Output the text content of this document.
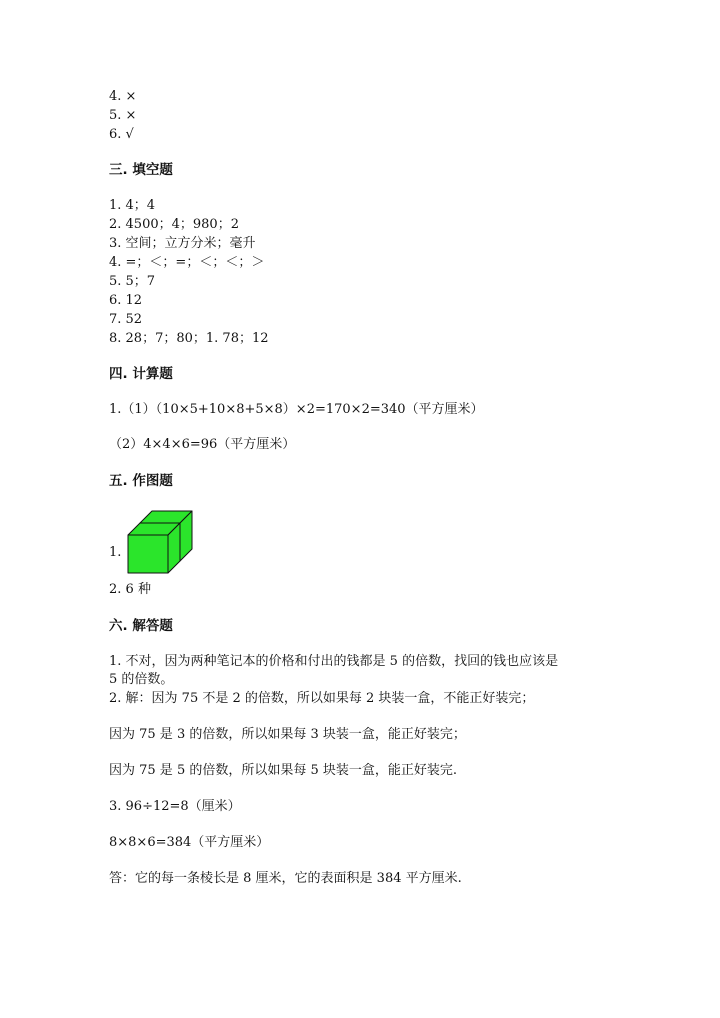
4. ×
5. ×
6. √
三. 填空题
1. 4；4
2. 4500；4；980；2
3. 空间；立方分米；毫升
4. =；＜；=；＜；＜；＞
5. 5；7
6. 12
7. 52
8. 28；7；80；1. 78；12
四. 计算题
1.（1）（10×5+10×8+5×8）×2=170×2=340（平方厘米）
（2）4×4×6=96（平方厘米）
五. 作图题
1.
2. 6 种
六. 解答题
1. 不对，因为两种笔记本的价格和付出的钱都是 5 的倍数，找回的钱也应该是
5 的倍数。
2. 解：因为 75 不是 2 的倍数，所以如果每 2 块装一盒，不能正好装完；
因为 75 是 3 的倍数，所以如果每 3 块装一盒，能正好装完；
因为 75 是 5 的倍数，所以如果每 5 块装一盒，能正好装完.
3. 96÷12=8（厘米）
8×8×6=384（平方厘米）
答：它的每一条棱长是 8 厘米，它的表面积是 384 平方厘米.
